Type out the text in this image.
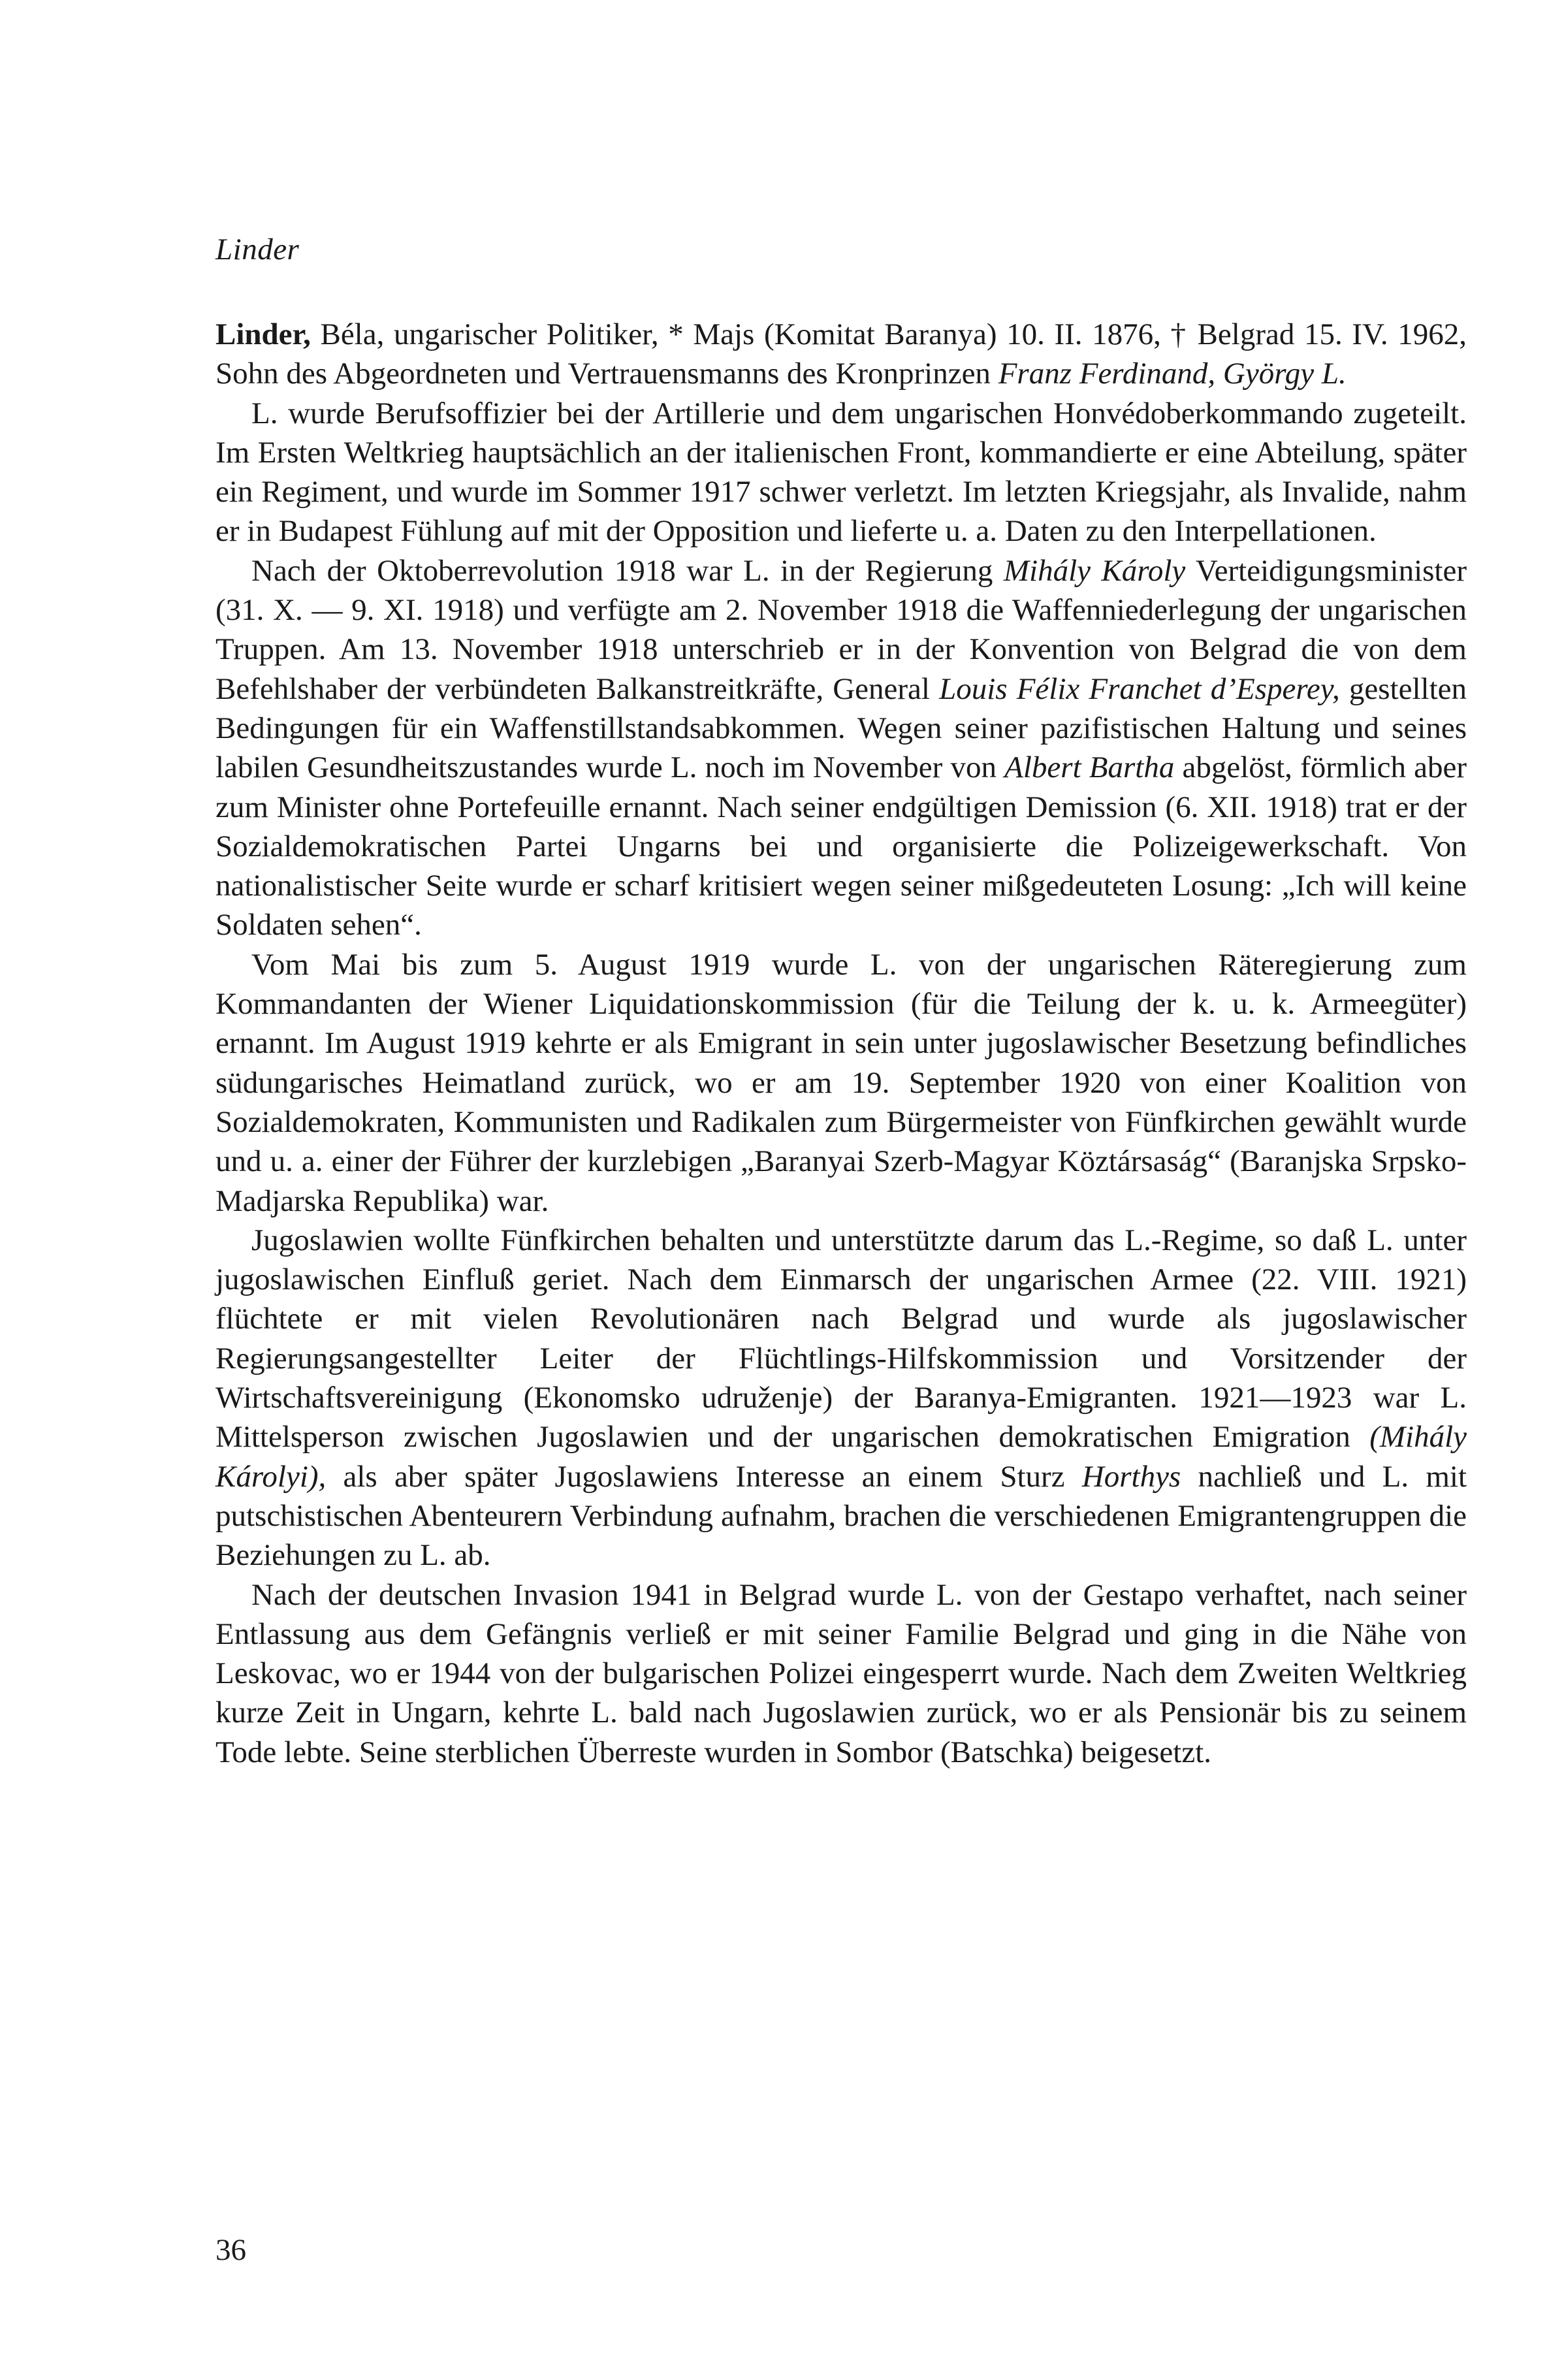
Linder

Linder, Béla, ungarischer Politiker, * Majs (Komitat Baranya) 10. II. 1876, † Belgrad 15. IV. 1962, Sohn des Abgeordneten und Vertrauensmanns des Kronprinzen Franz Ferdinand, György L.

L. wurde Berufsoffizier bei der Artillerie und dem ungarischen Honvédoberkommando zugeteilt. Im Ersten Weltkrieg hauptsächlich an der italienischen Front, kommandierte er eine Abteilung, später ein Regiment, und wurde im Sommer 1917 schwer verletzt. Im letzten Kriegsjahr, als Invalide, nahm er in Budapest Fühlung auf mit der Opposition und lieferte u. a. Daten zu den Interpellationen.

Nach der Oktoberrevolution 1918 war L. in der Regierung Mihály Károly Verteidigungsminister (31. X. — 9. XI. 1918) und verfügte am 2. November 1918 die Waffenniederlegung der ungarischen Truppen. Am 13. November 1918 unterschrieb er in der Konvention von Belgrad die von dem Befehlshaber der verbündeten Balkanstreitkräfte, General Louis Félix Franchet d’Esperey, gestellten Bedingungen für ein Waffenstillstandsabkommen. Wegen seiner pazifistischen Haltung und seines labilen Gesundheitszustandes wurde L. noch im November von Albert Bartha abgelöst, förmlich aber zum Minister ohne Portefeuille ernannt. Nach seiner endgültigen Demission (6. XII. 1918) trat er der Sozialdemokratischen Partei Ungarns bei und organisierte die Polizeigewerkschaft. Von nationalistischer Seite wurde er scharf kritisiert wegen seiner mißgedeuteten Losung: „Ich will keine Soldaten sehen“.

Vom Mai bis zum 5. August 1919 wurde L. von der ungarischen Räteregierung zum Kommandanten der Wiener Liquidationskommission (für die Teilung der k. u. k. Armeegüter) ernannt. Im August 1919 kehrte er als Emigrant in sein unter jugoslawischer Besetzung befindliches südungarisches Heimatland zurück, wo er am 19. September 1920 von einer Koalition von Sozialdemokraten, Kommunisten und Radikalen zum Bürgermeister von Fünfkirchen gewählt wurde und u. a. einer der Führer der kurzlebigen „Baranyai Szerb-Magyar Köztársaság“ (Baranjska Srpsko-Madjarska Republika) war.

Jugoslawien wollte Fünfkirchen behalten und unterstützte darum das L.-Regime, so daß L. unter jugoslawischen Einfluß geriet. Nach dem Einmarsch der ungarischen Armee (22. VIII. 1921) flüchtete er mit vielen Revolutionären nach Belgrad und wurde als jugoslawischer Regierungsangestellter Leiter der Flüchtlings-Hilfskommission und Vorsitzender der Wirtschaftsvereinigung (Ekonomsko udruženje) der Baranya-Emigranten. 1921—1923 war L. Mittelsperson zwischen Jugoslawien und der ungarischen demokratischen Emigration (Mihály Károlyi), als aber später Jugoslawiens Interesse an einem Sturz Horthys nachließ und L. mit putschistischen Abenteurern Verbindung aufnahm, brachen die verschiedenen Emigrantengruppen die Beziehungen zu L. ab.

Nach der deutschen Invasion 1941 in Belgrad wurde L. von der Gestapo verhaftet, nach seiner Entlassung aus dem Gefängnis verließ er mit seiner Familie Belgrad und ging in die Nähe von Leskovac, wo er 1944 von der bulgarischen Polizei eingesperrt wurde. Nach dem Zweiten Weltkrieg kurze Zeit in Ungarn, kehrte L. bald nach Jugoslawien zurück, wo er als Pensionär bis zu seinem Tode lebte. Seine sterblichen Überreste wurden in Sombor (Batschka) beigesetzt.

36
